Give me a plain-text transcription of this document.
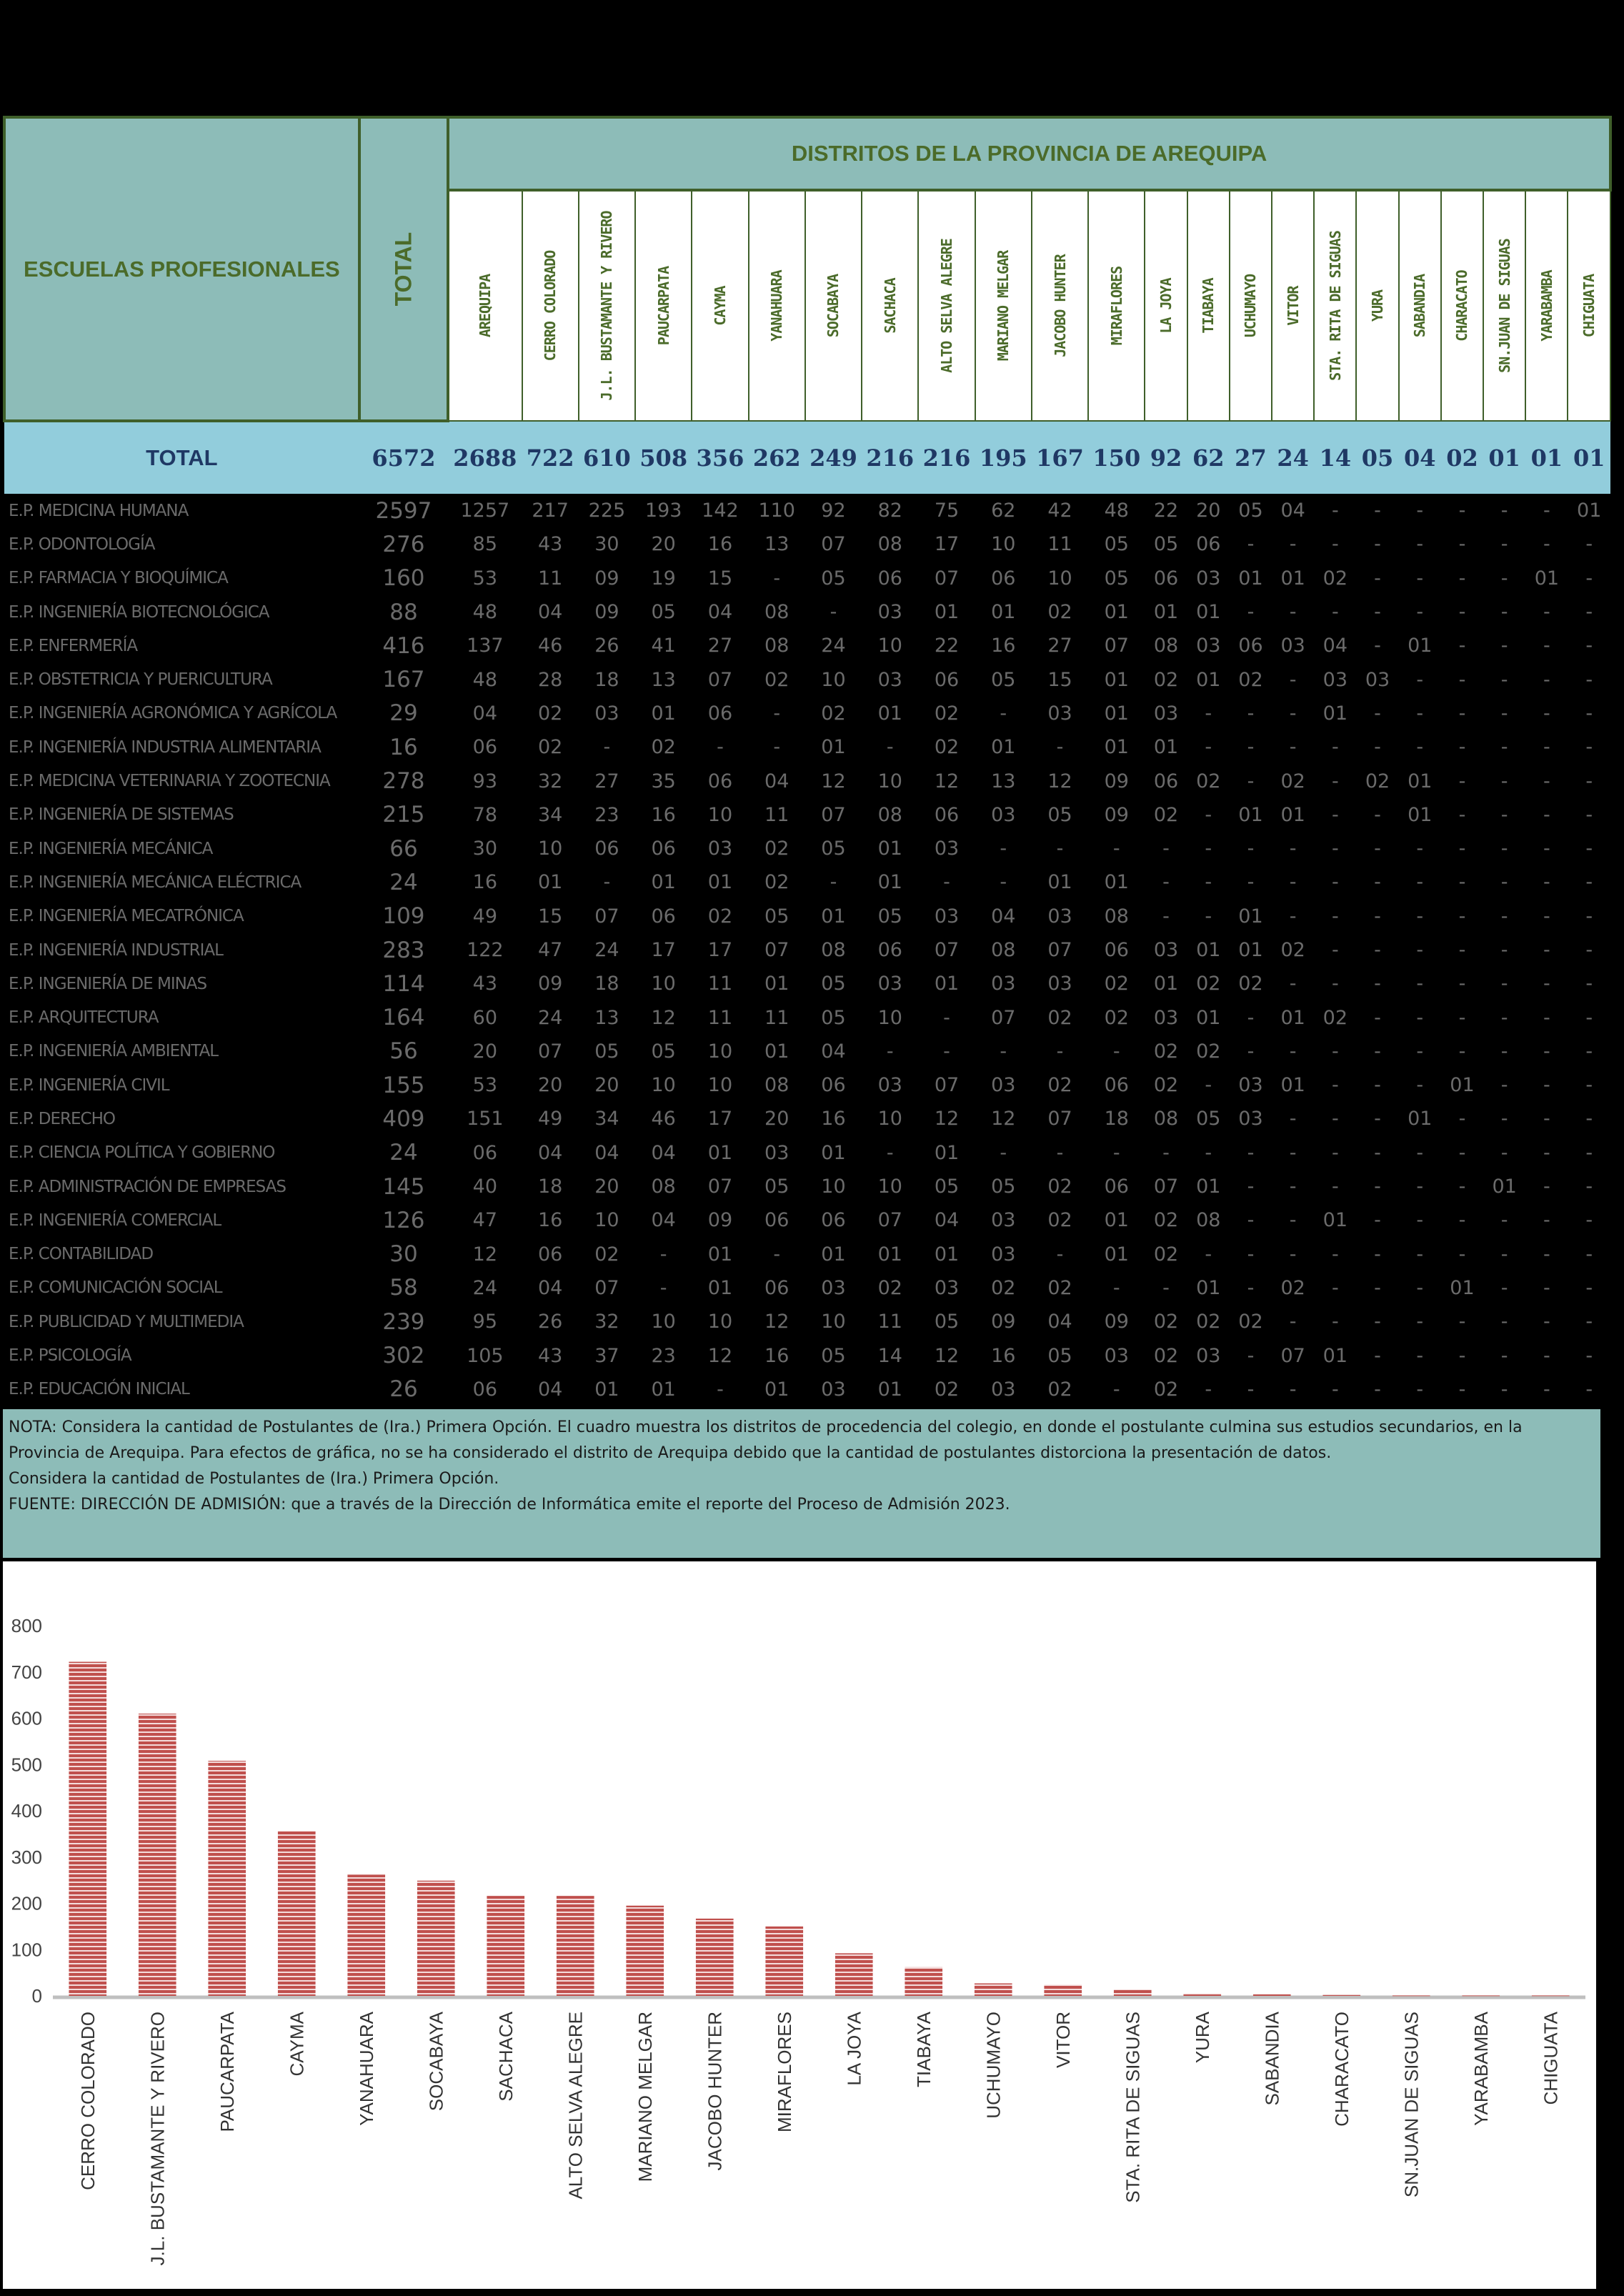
ESCUELAS PROFESIONALES	TOTAL	DISTRITOS DE LA PROVINCIA DE AREQUIPA																						

		AREQUIPA	CERRO COLORADO	J.L. BUSTAMANTE Y RIVERO	PAUCARPATA	CAYMA	YANAHUARA	SOCABAYA	SACHACA	ALTO SELVA ALEGRE	MARIANO MELGAR	JACOBO HUNTER	MIRAFLORES	LA JOYA	TIABAYA	UCHUMAYO	VITOR	STA. RITA DE SIGUAS	YURA	SABANDIA	CHARACATO	SN.JUAN DE SIGUAS	YARABAMBA	CHIGUATA

TOTAL	6572	2688	722	610	508	356	262	249	216	216	195	167	150	92	62	27	24	14	05	04	02	01	01	01
E.P. MEDICINA HUMANA	2597	1257	217	225	193	142	110	92	82	75	62	42	48	22	20	05	04	-	-	-	-	-	-	01
E.P. ODONTOLOGÍA	276	85	43	30	20	16	13	07	08	17	10	11	05	05	06	-	-	-	-	-	-	-	-	-
E.P. FARMACIA Y BIOQUÍMICA	160	53	11	09	19	15	-	05	06	07	06	10	05	06	03	01	01	02	-	-	-	-	01	-
E.P. INGENIERÍA BIOTECNOLÓGICA	88	48	04	09	05	04	08	-	03	01	01	02	01	01	01	-	-	-	-	-	-	-	-	-
E.P. ENFERMERÍA	416	137	46	26	41	27	08	24	10	22	16	27	07	08	03	06	03	04	-	01	-	-	-	-
E.P. OBSTETRICIA Y PUERICULTURA	167	48	28	18	13	07	02	10	03	06	05	15	01	02	01	02	-	03	03	-	-	-	-	-
E.P. INGENIERÍA AGRONÓMICA Y AGRÍCOLA	29	04	02	03	01	06	-	02	01	02	-	03	01	03	-	-	-	01	-	-	-	-	-	-
E.P. INGENIERÍA INDUSTRIA ALIMENTARIA	16	06	02	-	02	-	-	01	-	02	01	-	01	01	-	-	-	-	-	-	-	-	-	-
E.P. MEDICINA VETERINARIA Y ZOOTECNIA	278	93	32	27	35	06	04	12	10	12	13	12	09	06	02	-	02	-	02	01	-	-	-	-
E.P. INGENIERÍA DE SISTEMAS	215	78	34	23	16	10	11	07	08	06	03	05	09	02	-	01	01	-	-	01	-	-	-	-
E.P. INGENIERÍA MECÁNICA	66	30	10	06	06	03	02	05	01	03	-	-	-	-	-	-	-	-	-	-	-	-	-	-
E.P. INGENIERÍA MECÁNICA ELÉCTRICA	24	16	01	-	01	01	02	-	01	-	-	01	01	-	-	-	-	-	-	-	-	-	-	-
E.P. INGENIERÍA MECATRÓNICA	109	49	15	07	06	02	05	01	05	03	04	03	08	-	-	01	-	-	-	-	-	-	-	-
E.P. INGENIERÍA INDUSTRIAL	283	122	47	24	17	17	07	08	06	07	08	07	06	03	01	01	02	-	-	-	-	-	-	-
E.P. INGENIERÍA DE MINAS	114	43	09	18	10	11	01	05	03	01	03	03	02	01	02	02	-	-	-	-	-	-	-	-
E.P. ARQUITECTURA	164	60	24	13	12	11	11	05	10	-	07	02	02	03	01	-	01	02	-	-	-	-	-	-
E.P. INGENIERÍA AMBIENTAL	56	20	07	05	05	10	01	04	-	-	-	-	-	02	02	-	-	-	-	-	-	-	-	-
E.P. INGENIERÍA CIVIL	155	53	20	20	10	10	08	06	03	07	03	02	06	02	-	03	01	-	-	-	01	-	-	-
E.P. DERECHO	409	151	49	34	46	17	20	16	10	12	12	07	18	08	05	03	-	-	-	01	-	-	-	-
E.P. CIENCIA POLÍTICA Y GOBIERNO	24	06	04	04	04	01	03	01	-	01	-	-	-	-	-	-	-	-	-	-	-	-	-	-
E.P. ADMINISTRACIÓN DE EMPRESAS	145	40	18	20	08	07	05	10	10	05	05	02	06	07	01	-	-	-	-	-	-	01	-	-
E.P. INGENIERÍA COMERCIAL	126	47	16	10	04	09	06	06	07	04	03	02	01	02	08	-	-	01	-	-	-	-	-	-
E.P. CONTABILIDAD	30	12	06	02	-	01	-	01	01	01	03	-	01	02	-	-	-	-	-	-	-	-	-	-
E.P. COMUNICACIÓN SOCIAL	58	24	04	07	-	01	06	03	02	03	02	02	-	-	01	-	02	-	-	-	01	-	-	-
E.P. PUBLICIDAD Y MULTIMEDIA	239	95	26	32	10	10	12	10	11	05	09	04	09	02	02	02	-	-	-	-	-	-	-	-
E.P. PSICOLOGÍA	302	105	43	37	23	12	16	05	14	12	16	05	03	02	03	-	07	01	-	-	-	-	-	-
E.P. EDUCACIÓN INICIAL	26	06	04	01	01	-	01	03	01	02	03	02	-	02	-	-	-	-	-	-	-	-	-	-

NOTA: Considera la cantidad de Postulantes de (Ira.) Primera Opción. El cuadro muestra los distritos de procedencia del colegio, en donde el postulante culmina sus estudios secundarios, en la Provincia de Arequipa. Para efectos de gráfica, no se ha considerado el distrito de Arequipa debido que la cantidad de postulantes distorciona la presentación de datos.

Considera la cantidad de Postulantes de (Ira.) Primera Opción.

FUENTE: DIRECCIÓN DE ADMISIÓN: que a través de la Dirección de Informática emite el reporte del Proceso de Admisión 2023.

0
100
200
300
400
500
600
700
800
CERRO COLORADO	J.L. BUSTAMANTE Y RIVERO	PAUCARPATA	CAYMA	YANAHUARA	SOCABAYA	SACHACA	ALTO SELVA ALEGRE	MARIANO MELGAR	JACOBO HUNTER	MIRAFLORES	LA JOYA	TIABAYA	UCHUMAYO	VITOR	STA. RITA DE SIGUAS	YURA	SABANDIA	CHARACATO	SN.JUAN DE SIGUAS	YARABAMBA	CHIGUATA
